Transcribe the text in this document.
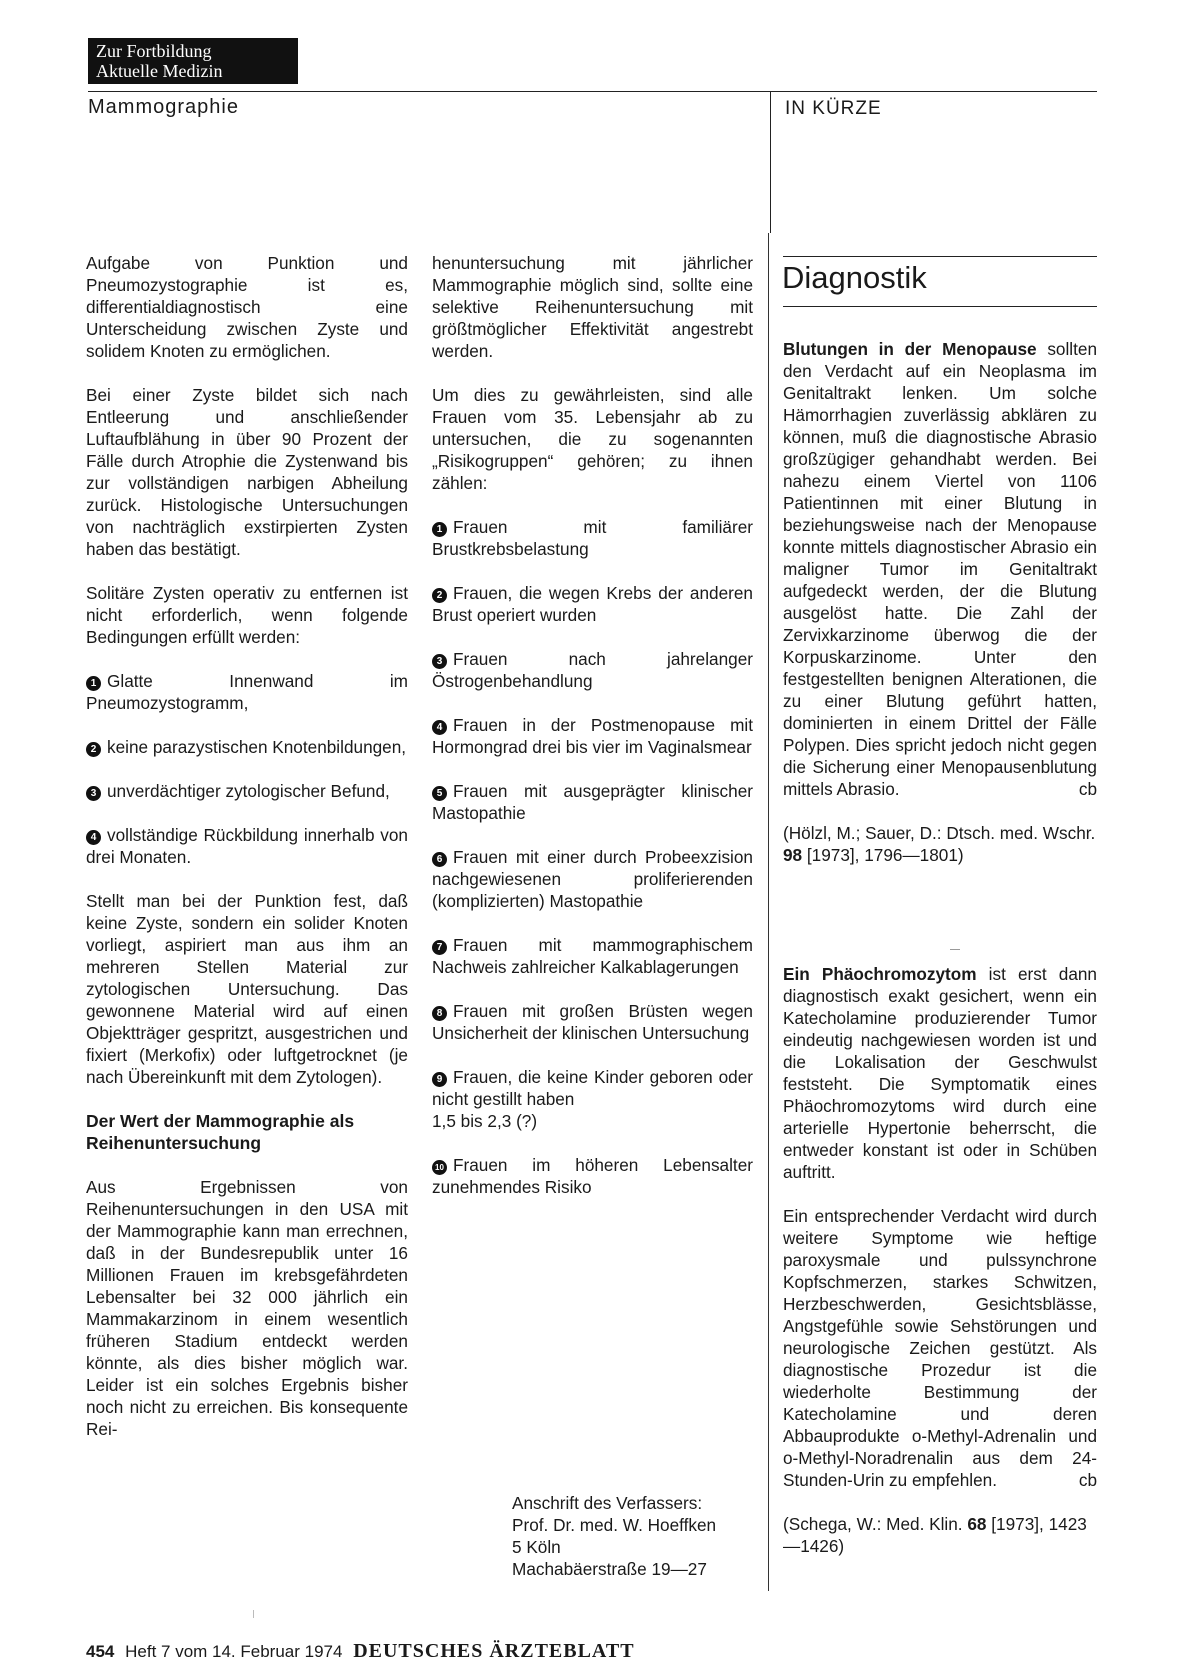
Zur Fortbildung
Aktuelle Medizin
Mammographie	IN KÜRZE

Aufgabe von Punktion und Pneumozystographie ist es, differentialdiagnostisch eine Unterscheidung zwischen Zyste und solidem Knoten zu ermöglichen.

Bei einer Zyste bildet sich nach Entleerung und anschließender Luftaufblähung in über 90 Prozent der Fälle durch Atrophie die Zystenwand bis zur vollständigen narbigen Abheilung zurück. Histologische Untersuchungen von nachträglich exstirpierten Zysten haben das bestätigt.

Solitäre Zysten operativ zu entfernen ist nicht erforderlich, wenn folgende Bedingungen erfüllt werden:

1 Glatte Innenwand im Pneumozystogramm,
2 keine parazystischen Knotenbildungen,
3 unverdächtiger zytologischer Befund,
4 vollständige Rückbildung innerhalb von drei Monaten.

Stellt man bei der Punktion fest, daß keine Zyste, sondern ein solider Knoten vorliegt, aspiriert man aus ihm an mehreren Stellen Material zur zytologischen Untersuchung. Das gewonnene Material wird auf einen Objektträger gespritzt, ausgestrichen und fixiert (Merkofix) oder luftgetrocknet (je nach Übereinkunft mit dem Zytologen).

Der Wert der Mammographie als Reihenuntersuchung

Aus Ergebnissen von Reihenuntersuchungen in den USA mit der Mammographie kann man errechnen, daß in der Bundesrepublik unter 16 Millionen Frauen im krebsgefährdeten Lebensalter bei 32 000 jährlich ein Mammakarzinom in einem wesentlich früheren Stadium entdeckt werden könnte, als dies bisher möglich war. Leider ist ein solches Ergebnis bisher noch nicht zu erreichen. Bis konsequente Rei-

henuntersuchung mit jährlicher Mammographie möglich sind, sollte eine selektive Reihenuntersuchung mit größtmöglicher Effektivität angestrebt werden.

Um dies zu gewährleisten, sind alle Frauen vom 35. Lebensjahr ab zu untersuchen, die zu sogenannten „Risikogruppen“ gehören; zu ihnen zählen:

1 Frauen mit familiärer Brustkrebsbelastung
2 Frauen, die wegen Krebs der anderen Brust operiert wurden
3 Frauen nach jahrelanger Östrogenbehandlung
4 Frauen in der Postmenopause mit Hormongrad drei bis vier im Vaginalsmear
5 Frauen mit ausgeprägter klinischer Mastopathie
6 Frauen mit einer durch Probeexzision nachgewiesenen proliferierenden (komplizierten) Mastopathie
7 Frauen mit mammographischem Nachweis zahlreicher Kalkablagerungen
8 Frauen mit großen Brüsten wegen Unsicherheit der klinischen Untersuchung
9 Frauen, die keine Kinder geboren oder nicht gestillt haben
1,5 bis 2,3 (?)
10 Frauen im höheren Lebensalter zunehmendes Risiko
Anschrift des Verfassers:
Prof. Dr. med. W. Hoeffken
5 Köln
Machabäerstraße 19—27
Diagnostik

Blutungen in der Menopause sollten den Verdacht auf ein Neoplasma im Genitaltrakt lenken. Um solche Hämorrhagien zuverlässig abklären zu können, muß die diagnostische Abrasio großzügiger gehandhabt werden. Bei nahezu einem Viertel von 1106 Patientinnen mit einer Blutung in beziehungsweise nach der Menopause konnte mittels diagnostischer Abrasio ein maligner Tumor im Genitaltrakt aufgedeckt werden, der die Blutung ausgelöst hatte. Die Zahl der Zervixkarzinome überwog die der Korpuskarzinome. Unter den festgestellten benignen Alterationen, die zu einer Blutung geführt hatten, dominierten in einem Drittel der Fälle Polypen. Dies spricht jedoch nicht gegen die Sicherung einer Menopausenblutung mittels Abrasio.	cb

(Hölzl, M.; Sauer, D.: Dtsch. med. Wschr. 98 [1973], 1796—1801)

Ein Phäochromozytom ist erst dann diagnostisch exakt gesichert, wenn ein Katecholamine produzierender Tumor eindeutig nachgewiesen worden ist und die Lokalisation der Geschwulst feststeht. Die Symptomatik eines Phäochromozytoms wird durch eine arterielle Hypertonie beherrscht, die entweder konstant ist oder in Schüben auftritt.

Ein entsprechender Verdacht wird durch weitere Symptome wie heftige paroxysmale und pulssynchrone Kopfschmerzen, starkes Schwitzen, Herzbeschwerden, Gesichtsblässe, Angstgefühle sowie Sehstörungen und neurologische Zeichen gestützt. Als diagnostische Prozedur ist die wiederholte Bestimmung der Katecholamine und deren Abbauprodukte o-Methyl-Adrenalin und o-Methyl-Noradrenalin aus dem 24-Stunden-Urin zu empfehlen.	cb

(Schega, W.: Med. Klin. 68 [1973], 1423—1426)

454 Heft 7 vom 14. Februar 1974 DEUTSCHES ÄRZTEBLATT
